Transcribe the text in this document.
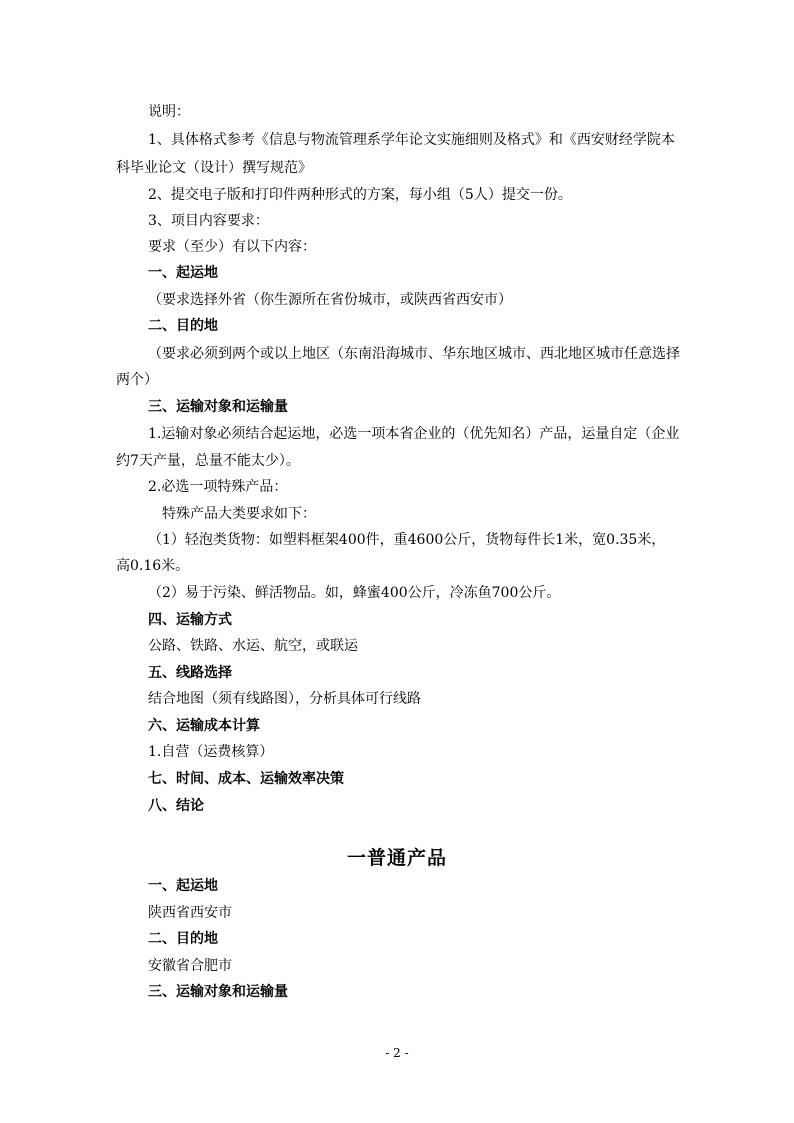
说明：
1、具体格式参考《信息与物流管理系学年论文实施细则及格式》和《西安财经学院本
科毕业论文（设计）撰写规范》
2、提交电子版和打印件两种形式的方案，每小组（5人）提交一份。
3、项目内容要求：
要求（至少）有以下内容：
一、起运地
（要求选择外省（你生源所在省份城市，或陕西省西安市）
二、目的地
（要求必须到两个或以上地区（东南沿海城市、华东地区城市、西北地区城市任意选择
两个）
三、运输对象和运输量
1.运输对象必须结合起运地，必选一项本省企业的（优先知名）产品，运量自定（企业
约7天产量，总量不能太少）。
2.必选一项特殊产品：
特殊产品大类要求如下：
（1）轻泡类货物：如塑料框架400件，重4600公斤，货物每件长1米，宽0.35米，
高0.16米。
（2）易于污染、鲜活物品。如，蜂蜜400公斤，冷冻鱼700公斤。
四、运输方式
公路、铁路、水运、航空，或联运
五、线路选择
结合地图（须有线路图），分析具体可行线路
六、运输成本计算
1.自营（运费核算）
七、时间、成本、运输效率决策
八、结论
一普通产品
一、起运地
陕西省西安市
二、目的地
安徽省合肥市
三、运输对象和运输量
- 2 -
